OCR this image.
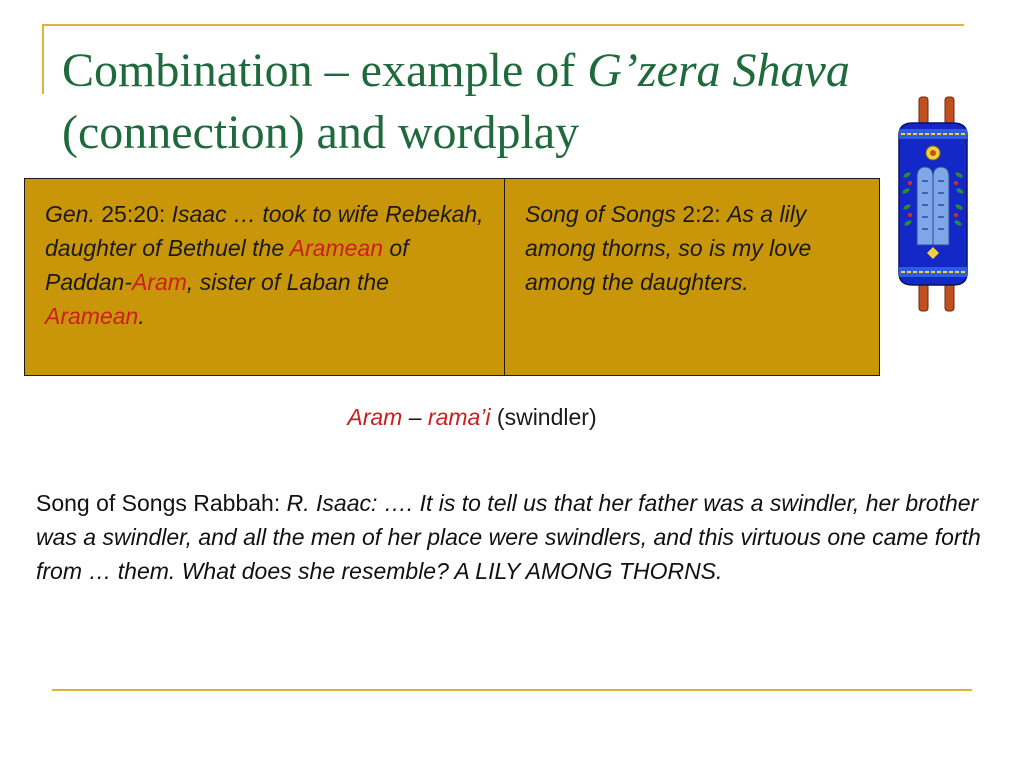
Combination – example of G’zera Shava
(connection) and wordplay
Gen. 25:20: Isaac … took to wife Rebekah, daughter of Bethuel the Aramean of Paddan-Aram, sister of Laban the Aramean.
Song of Songs 2:2: As a lily among thorns, so is my love among the daughters.
Aram – rama’i (swindler)
Song of Songs Rabbah: R. Isaac: …. It is to tell us that her father was a swindler, her brother was a swindler, and all the men of her place were swindlers, and this virtuous one came forth from … them. What does she resemble? A LILY AMONG THORNS.
